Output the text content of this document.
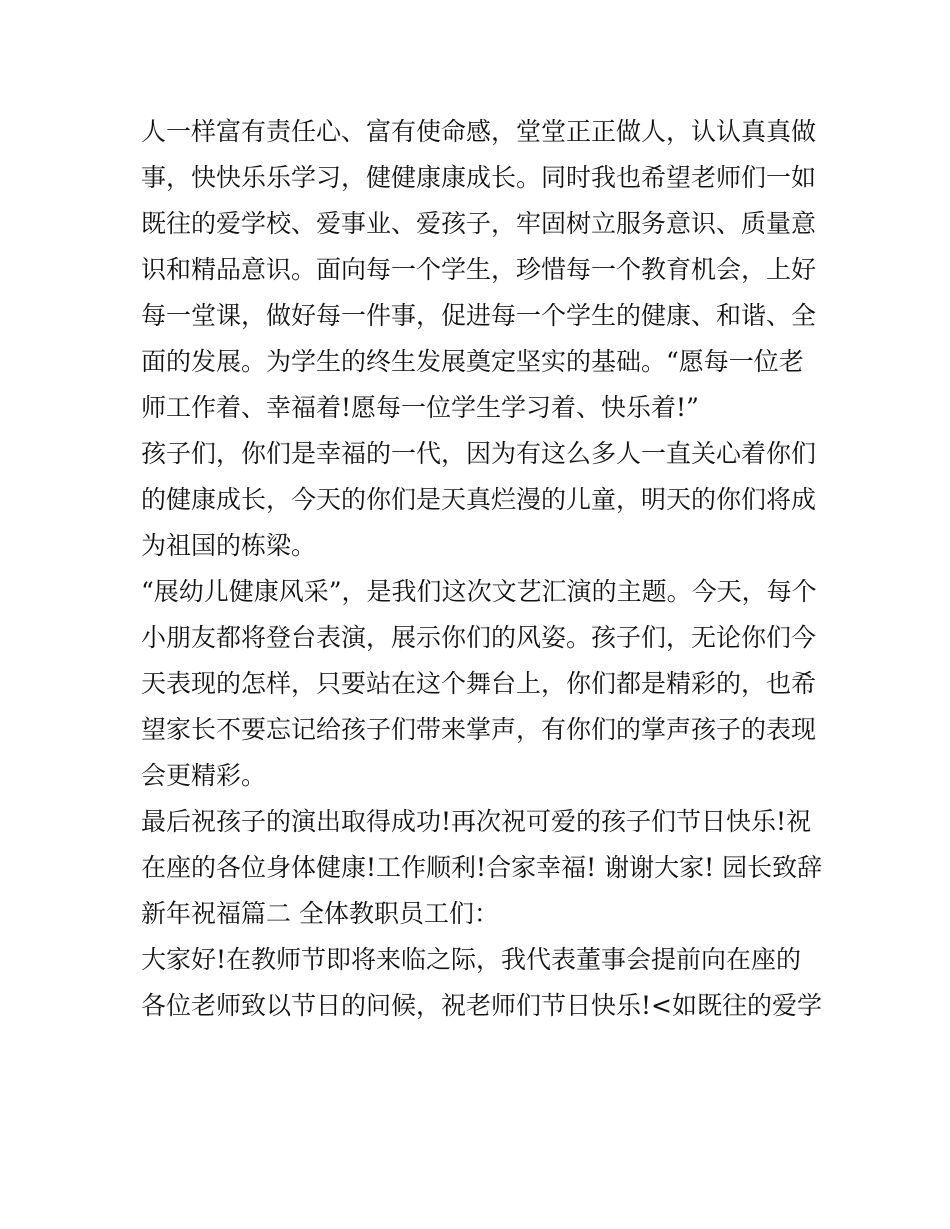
人一样富有责任心、富有使命感，堂堂正正做人，认认真真做

事，快快乐乐学习，健健康康成长。同时我也希望老师们一如

既往的爱学校、爱事业、爱孩子，牢固树立服务意识、质量意

识和精品意识。面向每一个学生，珍惜每一个教育机会，上好

每一堂课，做好每一件事，促进每一个学生的健康、和谐、全

面的发展。为学生的终生发展奠定坚实的基础。“愿每一位老

师工作着、幸福着!愿每一位学生学习着、快乐着!”

孩子们，你们是幸福的一代，因为有这么多人一直关心着你们

的健康成长，今天的你们是天真烂漫的儿童，明天的你们将成

为祖国的栋梁。

“展幼儿健康风采”，是我们这次文艺汇演的主题。今天，每个

小朋友都将登台表演，展示你们的风姿。孩子们，无论你们今

天表现的怎样，只要站在这个舞台上，你们都是精彩的，也希

望家长不要忘记给孩子们带来掌声，有你们的掌声孩子的表现

会更精彩。

最后祝孩子的演出取得成功!再次祝可爱的孩子们节日快乐!祝

在座的各位身体健康!工作顺利!合家幸福! 谢谢大家! 园长致辞

新年祝福篇二 全体教职员工们：

大家好!在教师节即将来临之际，我代表董事会提前向在座的

各位老师致以节日的问候，祝老师们节日快乐!<如既往的爱学
